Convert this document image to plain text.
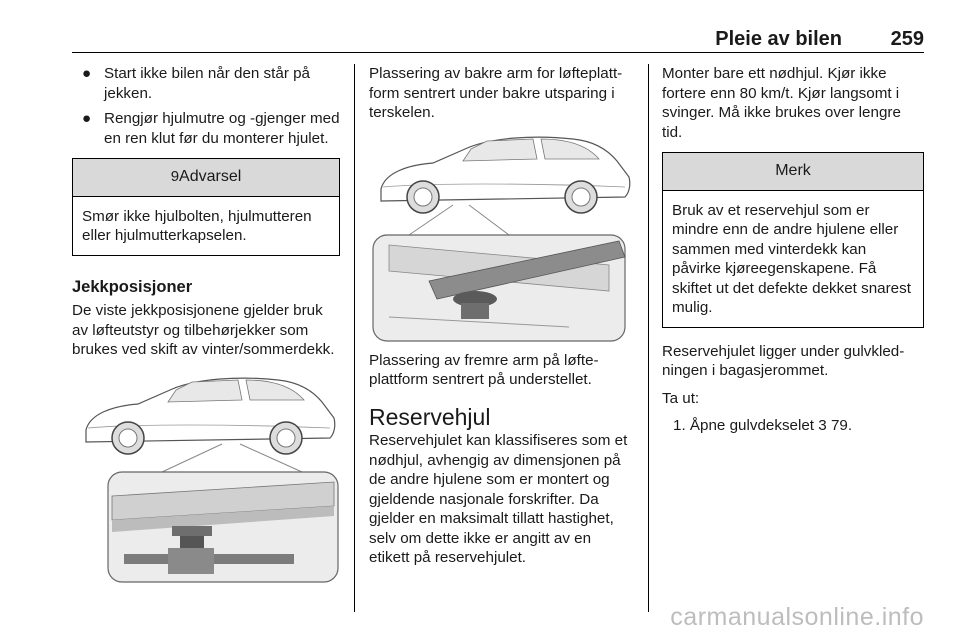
Pleie av bilen 259
● Start ikke bilen når den står på jekken.
● Rengjør hjulmutre og -gjenger med en ren klut før du monterer hjulet.
9Advarsel
Smør ikke hjulbolten, hjulmutteren eller hjulmutterkapselen.
Jekkposisjoner

De viste jekkposisjonene gjelder bruk av løfteutstyr og tilbehørjekker som brukes ved skift av vinter/sommerdekk.

Plassering av bakre arm for løfteplattform sentrert under bakre utsparing i terskelen.

Plassering av fremre arm på løfteplattform sentrert på understellet.

Reservehjul

Reservehjulet kan klassifiseres som et nødhjul, avhengig av dimensjonen på de andre hjulene som er montert og gjeldende nasjonale forskrifter. Da gjelder en maksimalt tillatt hastighet, selv om dette ikke er angitt av en etikett på reservehjulet.

Monter bare ett nødhjul. Kjør ikke fortere enn 80 km/t. Kjør langsomt i svinger. Må ikke brukes over lengre tid.

Merk
Bruk av et reservehjul som er mindre enn de andre hjulene eller sammen med vinterdekk kan påvirke kjøreegenskapene. Få skiftet ut det defekte dekket snarest mulig.

Reservehjulet ligger under gulvkledningen i bagasjerommet.

Ta ut:

1. Åpne gulvdekselet 3 79.
carmanualsonline.info
